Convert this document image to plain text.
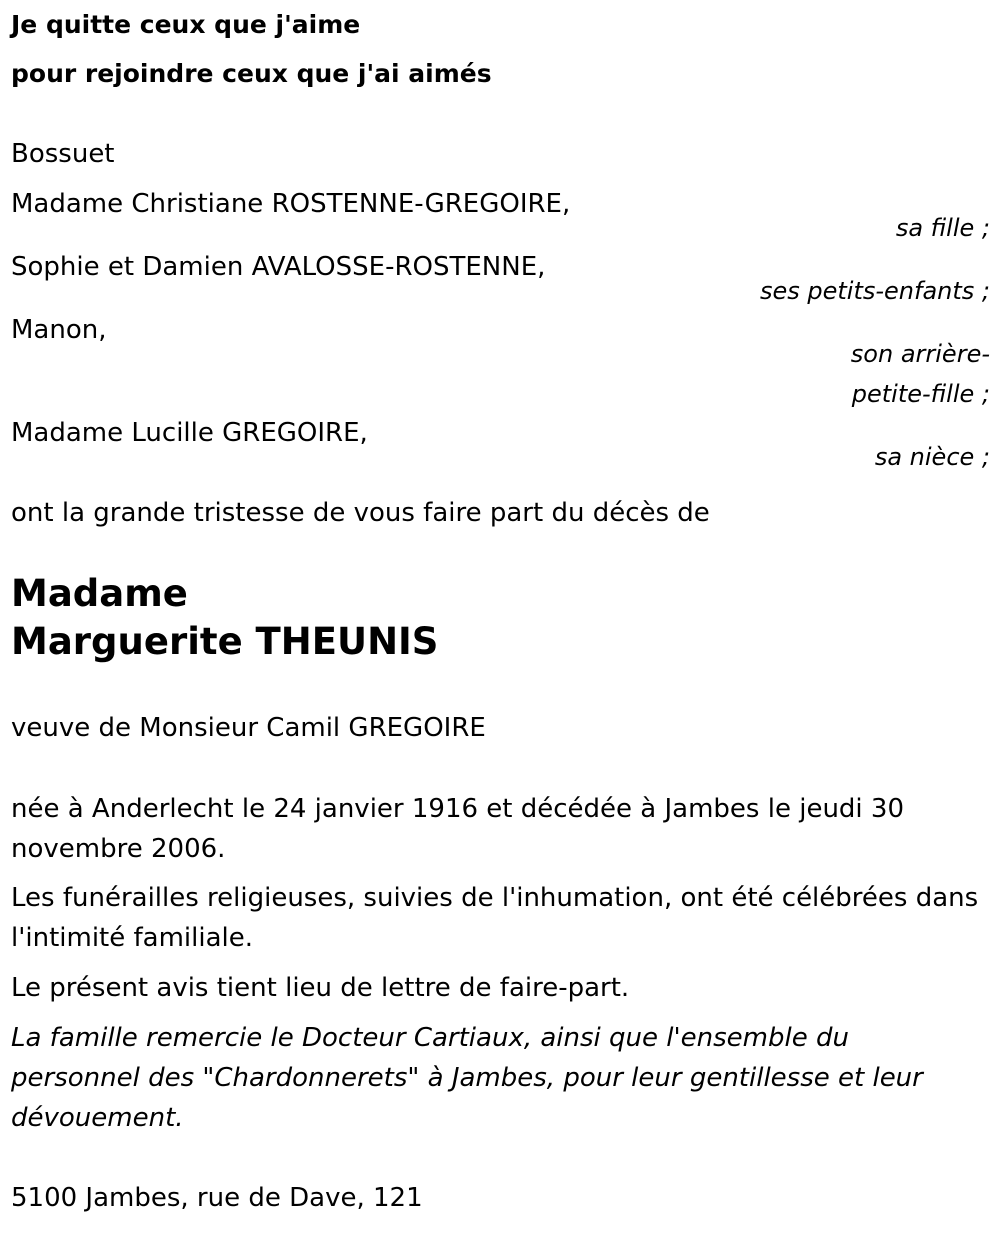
Je quitte ceux que j'aime
pour rejoindre ceux que j'ai aimés
Bossuet
Madame Christiane ROSTENNE-GREGOIRE,
sa fille ;
Sophie et Damien AVALOSSE-ROSTENNE,
ses petits-enfants ;
Manon,
son arrière-
petite-fille ;
Madame Lucille GREGOIRE,
sa nièce ;
ont la grande tristesse de vous faire part du décès de
Madame
Marguerite THEUNIS
veuve de Monsieur Camil GREGOIRE
née à Anderlecht le 24 janvier 1916 et décédée à Jambes le jeudi 30 novembre 2006.
Les funérailles religieuses, suivies de l'inhumation, ont été célébrées dans l'intimité familiale.
Le présent avis tient lieu de lettre de faire-part.
La famille remercie le Docteur Cartiaux, ainsi que l'ensemble du personnel des "Chardonnerets" à Jambes, pour leur gentillesse et leur dévouement.
5100 Jambes, rue de Dave, 121
